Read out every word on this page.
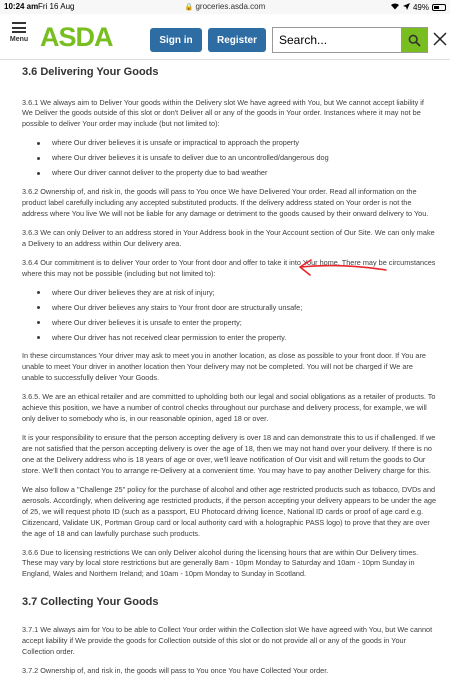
10:24 am Fri 16 Aug	🔒 groceries.asda.com	49%
Menu ASDA	Sign in	Register
Search...
3.6 Delivering Your Goods

3.6.1 We always aim to Deliver Your goods within the Delivery slot We have agreed with You, but We cannot accept liability if We Deliver the goods outside of this slot or don't Deliver all or any of the goods in Your order. Instances where it may not be possible to deliver Your order may include (but not limited to):

where Our driver believes it is unsafe or impractical to approach the property
where Our driver believes it is unsafe to deliver due to an uncontrolled/dangerous dog
where Our driver cannot deliver to the property due to bad weather

3.6.2 Ownership of, and risk in, the goods will pass to You once We have Delivered Your order. Read all information on the product label carefully including any accepted substituted products. If the delivery address stated on Your order is not the address where You live We will not be liable for any damage or detriment to the goods caused by their onward delivery to You.

3.6.3 We can only Deliver to an address stored in Your Address book in the Your Account section of Our Site. We can only make a Delivery to an address within Our delivery area.

3.6.4 Our commitment is to deliver Your order to Your front door and offer to take it into Your home. There may be circumstances where this may not be possible (including but not limited to):

where Our driver believes they are at risk of injury;
where Our driver believes any stairs to Your front door are structurally unsafe;
where Our driver believes it is unsafe to enter the property;
where Our driver has not received clear permission to enter the property.

In these circumstances Your driver may ask to meet you in another location, as close as possible to your front door. If You are unable to meet Your driver in another location then Your delivery may not be completed. You will not be charged if We are unable to successfully deliver Your Goods.

3.6.5. We are an ethical retailer and are committed to upholding both our legal and social obligations as a retailer of products. To achieve this position, we have a number of control checks throughout our purchase and delivery process, for example, we will only deliver to somebody who is, in our reasonable opinion, aged 18 or over.

It is your responsibility to ensure that the person accepting delivery is over 18 and can demonstrate this to us if challenged. If we are not satisfied that the person accepting delivery is over the age of 18, then we may not hand over your delivery. If there is no one at the Delivery address who is 18 years of age or over, we'll leave notification of Our visit and will return the goods to Our store. We'll then contact You to arrange re-Delivery at a convenient time. You may have to pay another Delivery charge for this.

We also follow a "Challenge 25" policy for the purchase of alcohol and other age restricted products such as tobacco, DVDs and aerosols. Accordingly, when delivering age restricted products, if the person accepting your delivery appears to be under the age of 25, we will request photo ID (such as a passport, EU Photocard driving licence, National ID cards or proof of age card e.g. Citizencard, Validate UK, Portman Group card or local authority card with a holographic PASS logo) to prove that they are over the age of 18 and can lawfully purchase such products.

3.6.6 Due to licensing restrictions We can only Deliver alcohol during the licensing hours that are within Our Delivery times. These may vary by local store restrictions but are generally 8am - 10pm Monday to Saturday and 10am - 10pm Sunday in England, Wales and Northern Ireland; and 10am - 10pm Monday to Sunday in Scotland.

3.7 Collecting Your Goods

3.7.1 We always aim for You to be able to Collect Your order within the Collection slot We have agreed with You, but We cannot accept liability if We provide the goods for Collection outside of this slot or do not provide all or any of the goods in Your Collection order.

3.7.2 Ownership of, and risk in, the goods will pass to You once You have Collected Your order.
